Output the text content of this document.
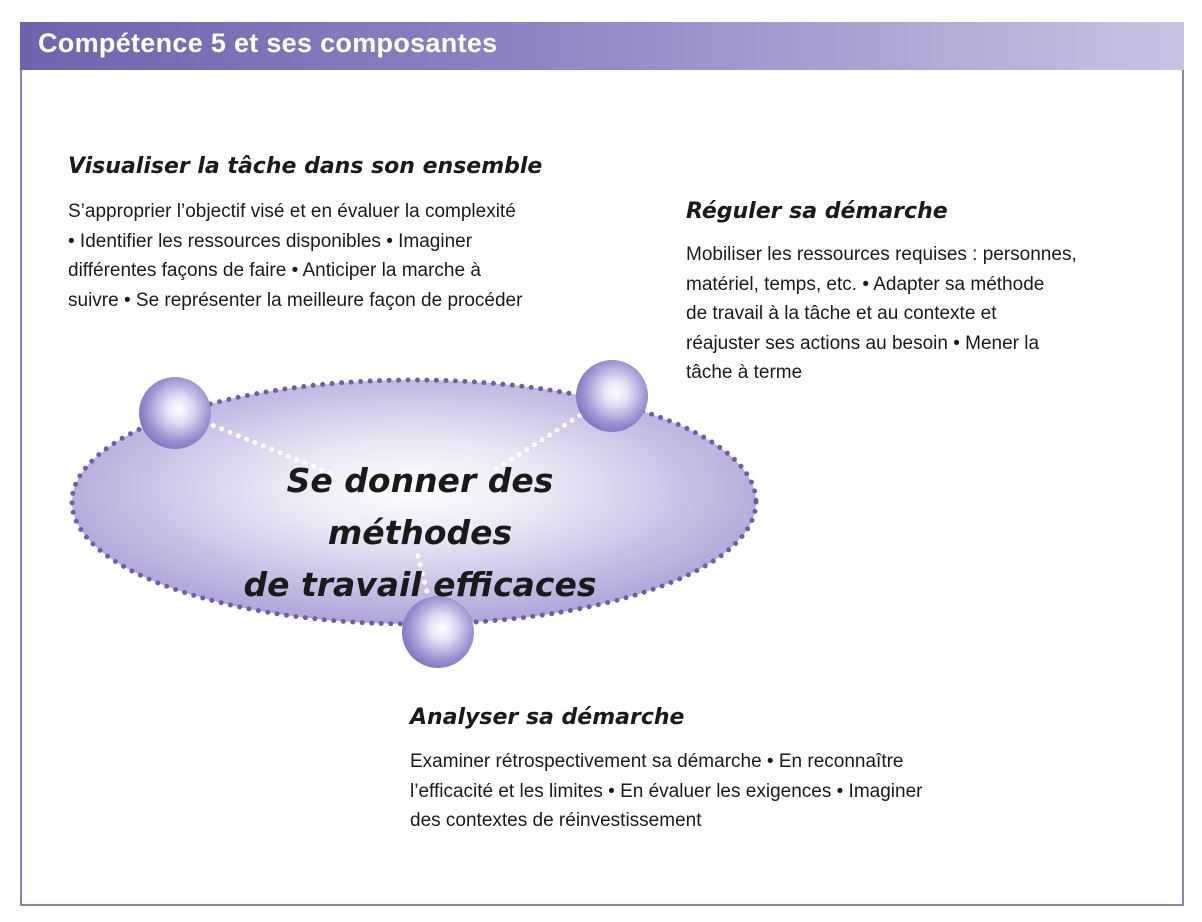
Compétence 5 et ses composantes
Se donner des méthodes
de travail efficaces
Visualiser la tâche dans son ensemble
S’approprier l’objectif visé et en évaluer la complexité
• Identifier les ressources disponibles • Imaginer
différentes façons de faire • Anticiper la marche à
suivre • Se représenter la meilleure façon de procéder
Réguler sa démarche
Mobiliser les ressources requises : personnes,
matériel, temps, etc. • Adapter sa méthode
de travail à la tâche et au contexte et
réajuster ses actions au besoin • Mener la
tâche à terme
Analyser sa démarche
Examiner rétrospectivement sa démarche • En reconnaître
l’efficacité et les limites • En évaluer les exigences • Imaginer
des contextes de réinvestissement
